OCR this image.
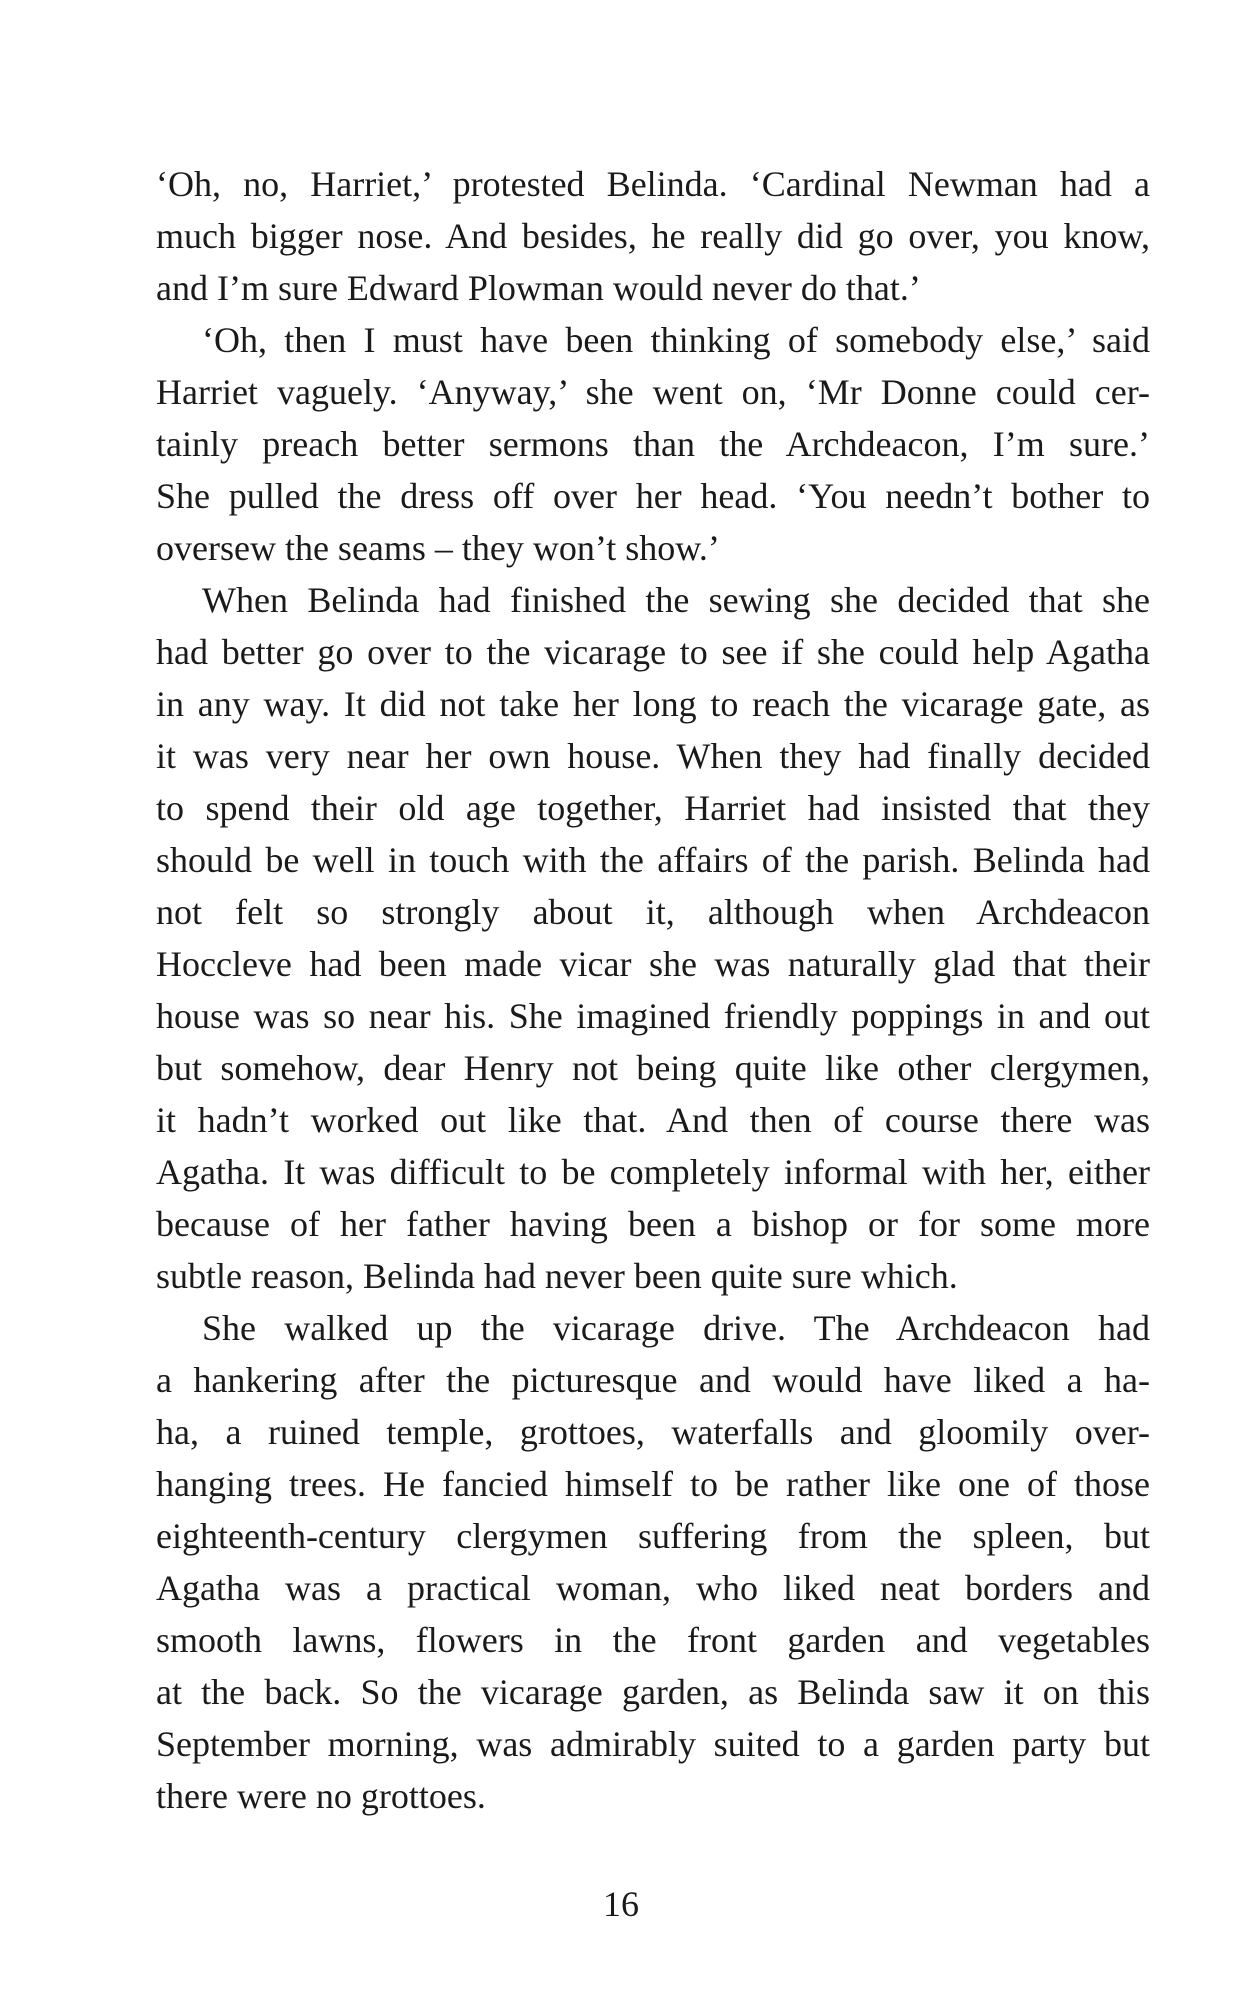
‘Oh, no, Harriet,’ protested Belinda. ‘Cardinal Newman had a
much bigger nose. And besides, he really did go over, you know,
and I’m sure Edward Plowman would never do that.’
‘Oh, then I must have been thinking of somebody else,’ said
Harriet vaguely. ‘Anyway,’ she went on, ‘Mr Donne could cer-
tainly preach better sermons than the Archdeacon, I’m sure.’
She pulled the dress off over her head. ‘You needn’t bother to
oversew the seams – they won’t show.’
When Belinda had finished the sewing she decided that she
had better go over to the vicarage to see if she could help Agatha
in any way. It did not take her long to reach the vicarage gate, as
it was very near her own house. When they had finally decided
to spend their old age together, Harriet had insisted that they
should be well in touch with the affairs of the parish. Belinda had
not felt so strongly about it, although when Archdeacon
Hoccleve had been made vicar she was naturally glad that their
house was so near his. She imagined friendly poppings in and out
but somehow, dear Henry not being quite like other clergymen,
it hadn’t worked out like that. And then of course there was
Agatha. It was difficult to be completely informal with her, either
because of her father having been a bishop or for some more
subtle reason, Belinda had never been quite sure which.
She walked up the vicarage drive. The Archdeacon had
a hankering after the picturesque and would have liked a ha-
ha, a ruined temple, grottoes, waterfalls and gloomily over-
hanging trees. He fancied himself to be rather like one of those
eighteenth-century clergymen suffering from the spleen, but
Agatha was a practical woman, who liked neat borders and
smooth lawns, flowers in the front garden and vegetables
at the back. So the vicarage garden, as Belinda saw it on this
September morning, was admirably suited to a garden party but
there were no grottoes.
16
